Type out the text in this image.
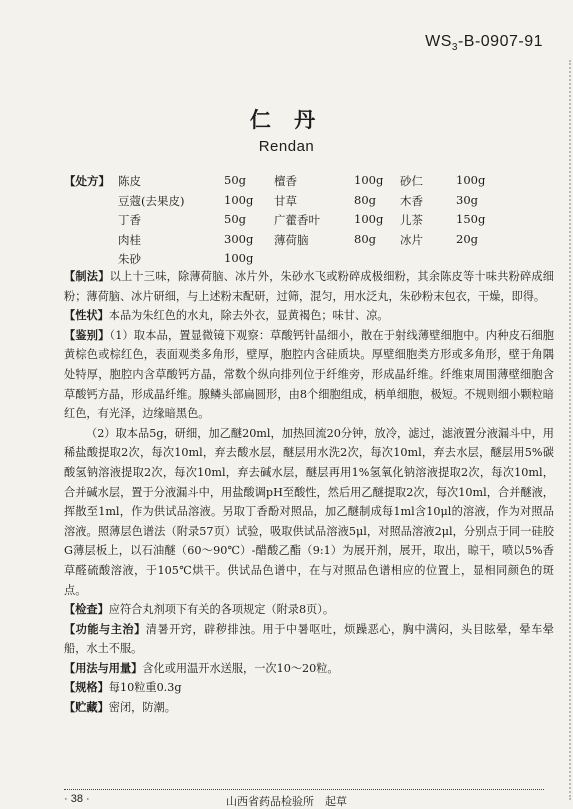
$WS_3-B-0907-91$
仁 丹
Rendan
【处方】 陈皮	50g 檀香	100g 砂仁	100g
豆蔻(去果皮)	100g 甘草	80g 木香	30g
丁香	50g 广藿香叶	100g 儿茶	150g
肉桂	300g 薄荷脑	80g 冰片	20g
朱砂	100g

【制法】以上十三味，除薄荷脑、冰片外，朱砂水飞或粉碎成极细粉，其余陈皮等十味共粉碎成细粉；薄荷脑、冰片研细，与上述粉末配研，过筛，混匀，用水泛丸，朱砂粉末包衣，干燥，即得。

【性状】本品为朱红色的水丸，除去外衣，显黄褐色；味甘、凉。

【鉴别】（1）取本品，置显微镜下观察：草酸钙针晶细小，散在于射线薄壁细胞中。内种皮石细胞黄棕色或棕红色，表面观类多角形，壁厚，胞腔内含硅质块。厚壁细胞类方形或多角形，壁于角隅处特厚，胞腔内含草酸钙方晶，常数个纵向排列位于纤维旁，形成晶纤维。纤维束周围薄壁细胞含草酸钙方晶，形成晶纤维。腺鳞头部扁圆形，由8个细胞组成，柄单细胞，极短。不规则细小颗粒暗红色，有光泽，边缘暗黑色。

（2）取本品5g，研细，加乙醚20ml，加热回流20分钟，放冷，滤过，滤液置分液漏斗中，用稀盐酸提取2次，每次10ml，弃去酸水层，醚层用水洗2次，每次10ml，弃去水层，醚层用5%碳酸氢钠溶液提取2次，每次10ml，弃去碱水层，醚层再用1%氢氧化钠溶液提取2次，每次10ml，合并碱水层，置于分液漏斗中，用盐酸调pH至酸性，然后用乙醚提取2次，每次10ml，合并醚液，挥散至1ml，作为供试品溶液。另取丁香酚对照品，加乙醚制成每1ml含10μl的溶液，作为对照品溶液。照薄层色谱法（附录57页）试验，吸取供试品溶液5μl，对照品溶液2μl，分别点于同一硅胶G薄层板上，以石油醚（60～90℃）-醋酸乙酯（9:1）为展开剂，展开，取出，晾干，喷以5%香草醛硫酸溶液，于105℃烘干。供试品色谱中，在与对照品色谱相应的位置上，显相同颜色的斑点。

【检查】应符合丸剂项下有关的各项规定（附录8页）。

【功能与主治】清暑开窍，辟秽排浊。用于中暑呕吐，烦躁恶心，胸中满闷，头目眩晕，晕车晕船，水土不服。

【用法与用量】含化或用温开水送服，一次10～20粒。

【规格】每10粒重0.3g

【贮藏】密闭，防潮。

· 38 ·	山西省药品检验所　起草
